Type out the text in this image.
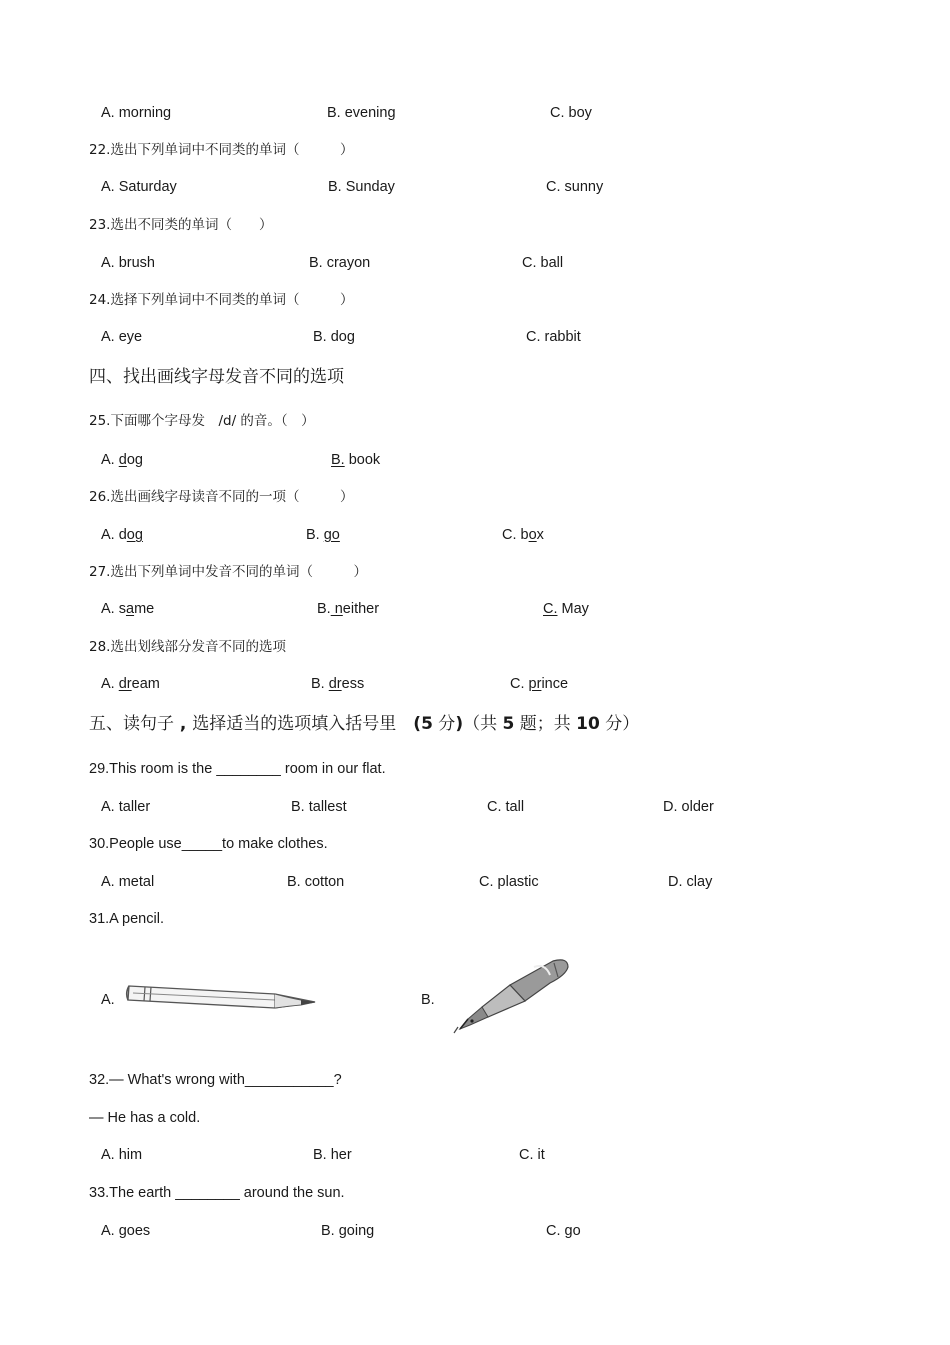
A. morning	B. evening	C. boy
22.选出下列单词中不同类的单词（　　　）
A. Saturday	B. Sunday	C. sunny
23.选出不同类的单词（　　）
A. brush	B. crayon	C. ball
24.选择下列单词中不同类的单词（　　　）
A. eye	B. dog	C. rabbit
四、找出画线字母发音不同的选项
25.下面哪个字母发　/d/ 的音。（　）
A. dog	B. book
26.选出画线字母读音不同的一项（　　　）
A. dog	B. go	C. box
27.选出下列单词中发音不同的单词（　　　）
A. same	B. neither	C. May
28.选出划线部分发音不同的选项
A. dream	B. dress	C. prince
五、读句子 , 选择适当的选项填入括号里　(5 分)（共 5 题；共 10 分）
29.This room is the ________ room in our flat.
A. taller	B. tallest	C. tall	D. older
30.People use_____to make clothes.
A. metal	B. cotton	C. plastic	D. clay
31.A pencil.
A.	B.
32.— What's wrong with___________?
— He has a cold.
A. him	B. her	C. it
33.The earth ________ around the sun.
A. goes	B. going	C. go
